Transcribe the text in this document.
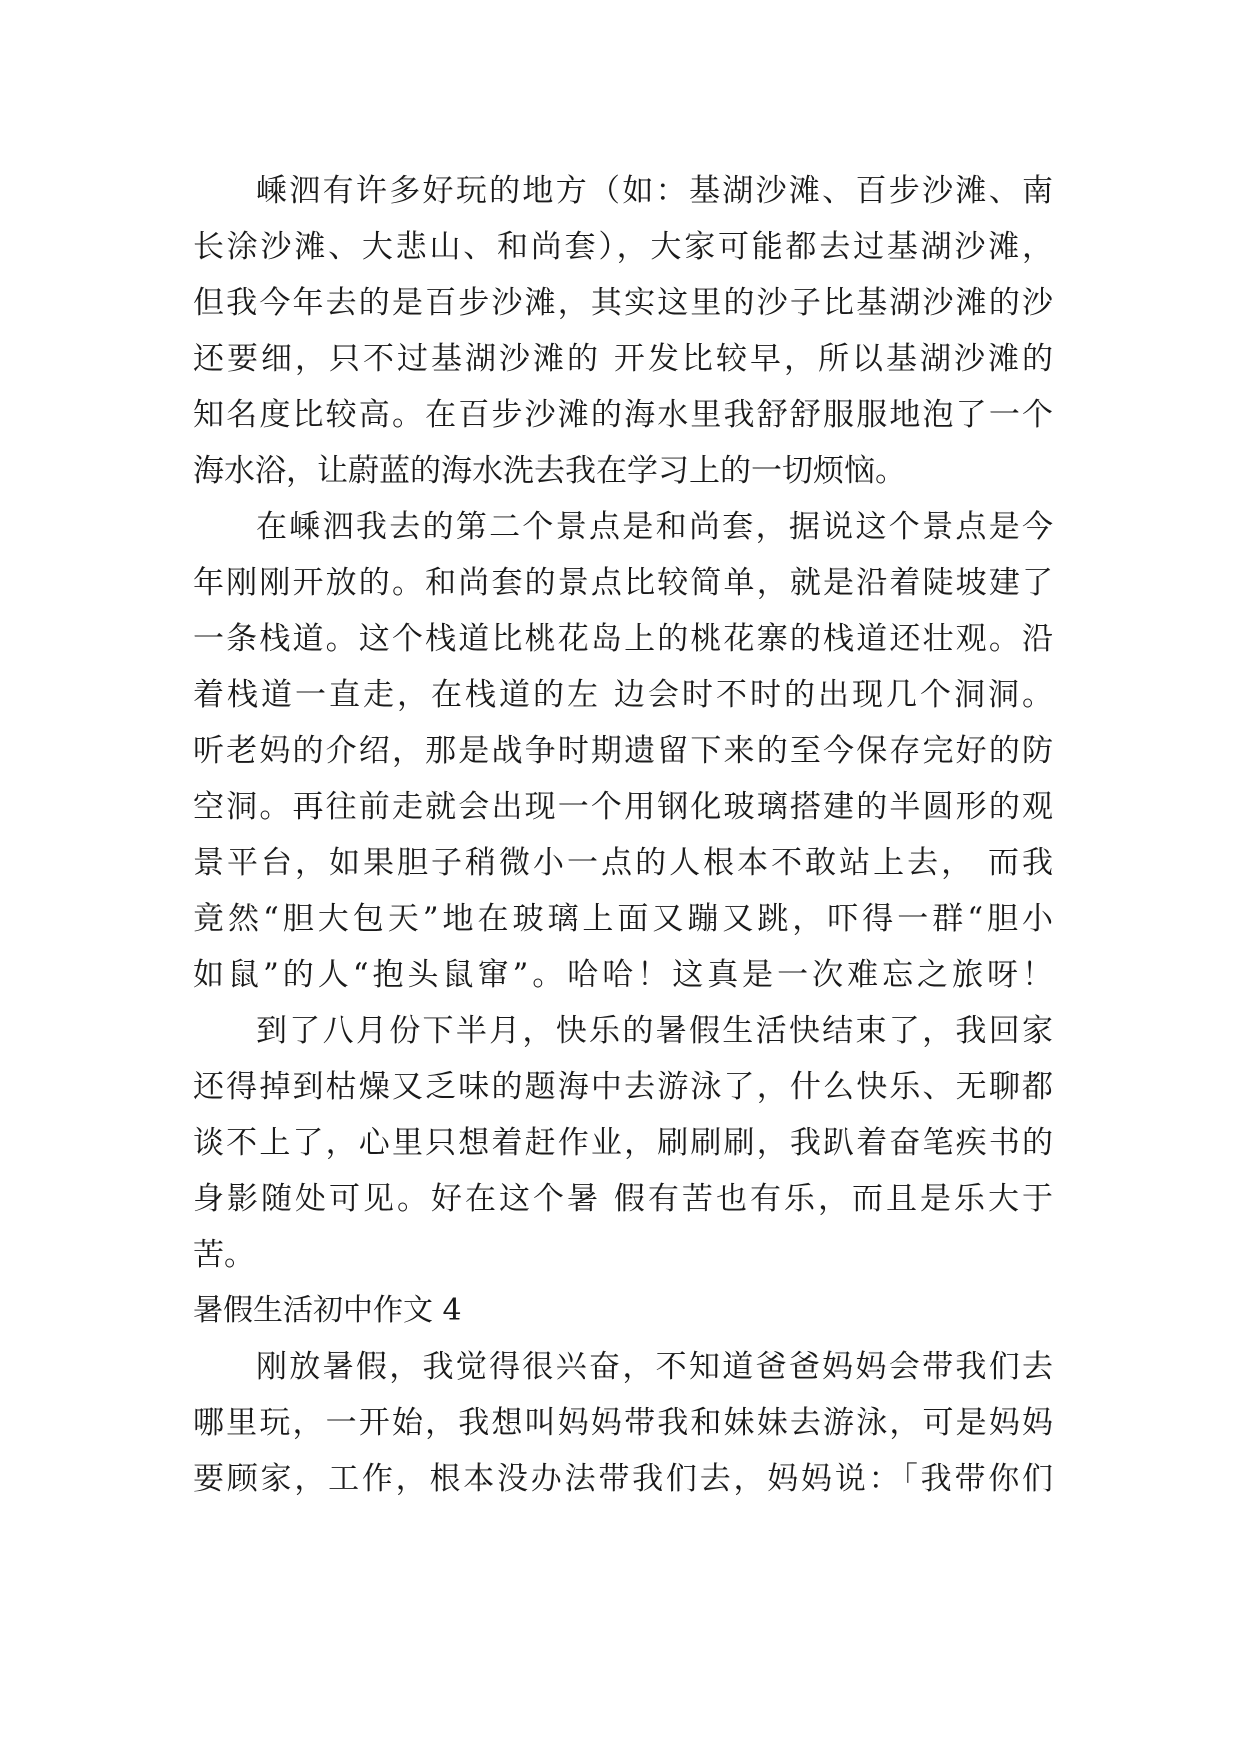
嵊泗有许多好玩的地方（如：基湖沙滩、百步沙滩、南
长涂沙滩、大悲山、和尚套），大家可能都去过基湖沙滩，
但我今年去的是百步沙滩，其实这里的沙子比基湖沙滩的沙
还要细，只不过基湖沙滩的 开发比较早，所以基湖沙滩的
知名度比较高。在百步沙滩的海水里我舒舒服服地泡了一个
海水浴，让蔚蓝的海水洗去我在学习上的一切烦恼。
在嵊泗我去的第二个景点是和尚套，据说这个景点是今
年刚刚开放的。和尚套的景点比较简单，就是沿着陡坡建了
一条栈道。这个栈道比桃花岛上的桃花寨的栈道还壮观。沿
着栈道一直走，在栈道的左 边会时不时的出现几个洞洞。
听老妈的介绍，那是战争时期遗留下来的至今保存完好的防
空洞。再往前走就会出现一个用钢化玻璃搭建的半圆形的观
景平台，如果胆子稍微小一点的人根本不敢站上去， 而我
竟然“胆大包天”地在玻璃上面又蹦又跳，吓得一群“胆小
如鼠”的人“抱头鼠窜”。哈哈！这真是一次难忘之旅呀！
到了八月份下半月，快乐的暑假生活快结束了，我回家
还得掉到枯燥又乏味的题海中去游泳了，什么快乐、无聊都
谈不上了，心里只想着赶作业，刷刷刷，我趴着奋笔疾书的
身影随处可见。好在这个暑 假有苦也有乐，而且是乐大于
苦。
暑假生活初中作文 4
刚放暑假，我觉得很兴奋，不知道爸爸妈妈会带我们去
哪里玩，一开始，我想叫妈妈带我和妹妹去游泳，可是妈妈
要顾家，工作，根本没办法带我们去，妈妈说：「我带你们
